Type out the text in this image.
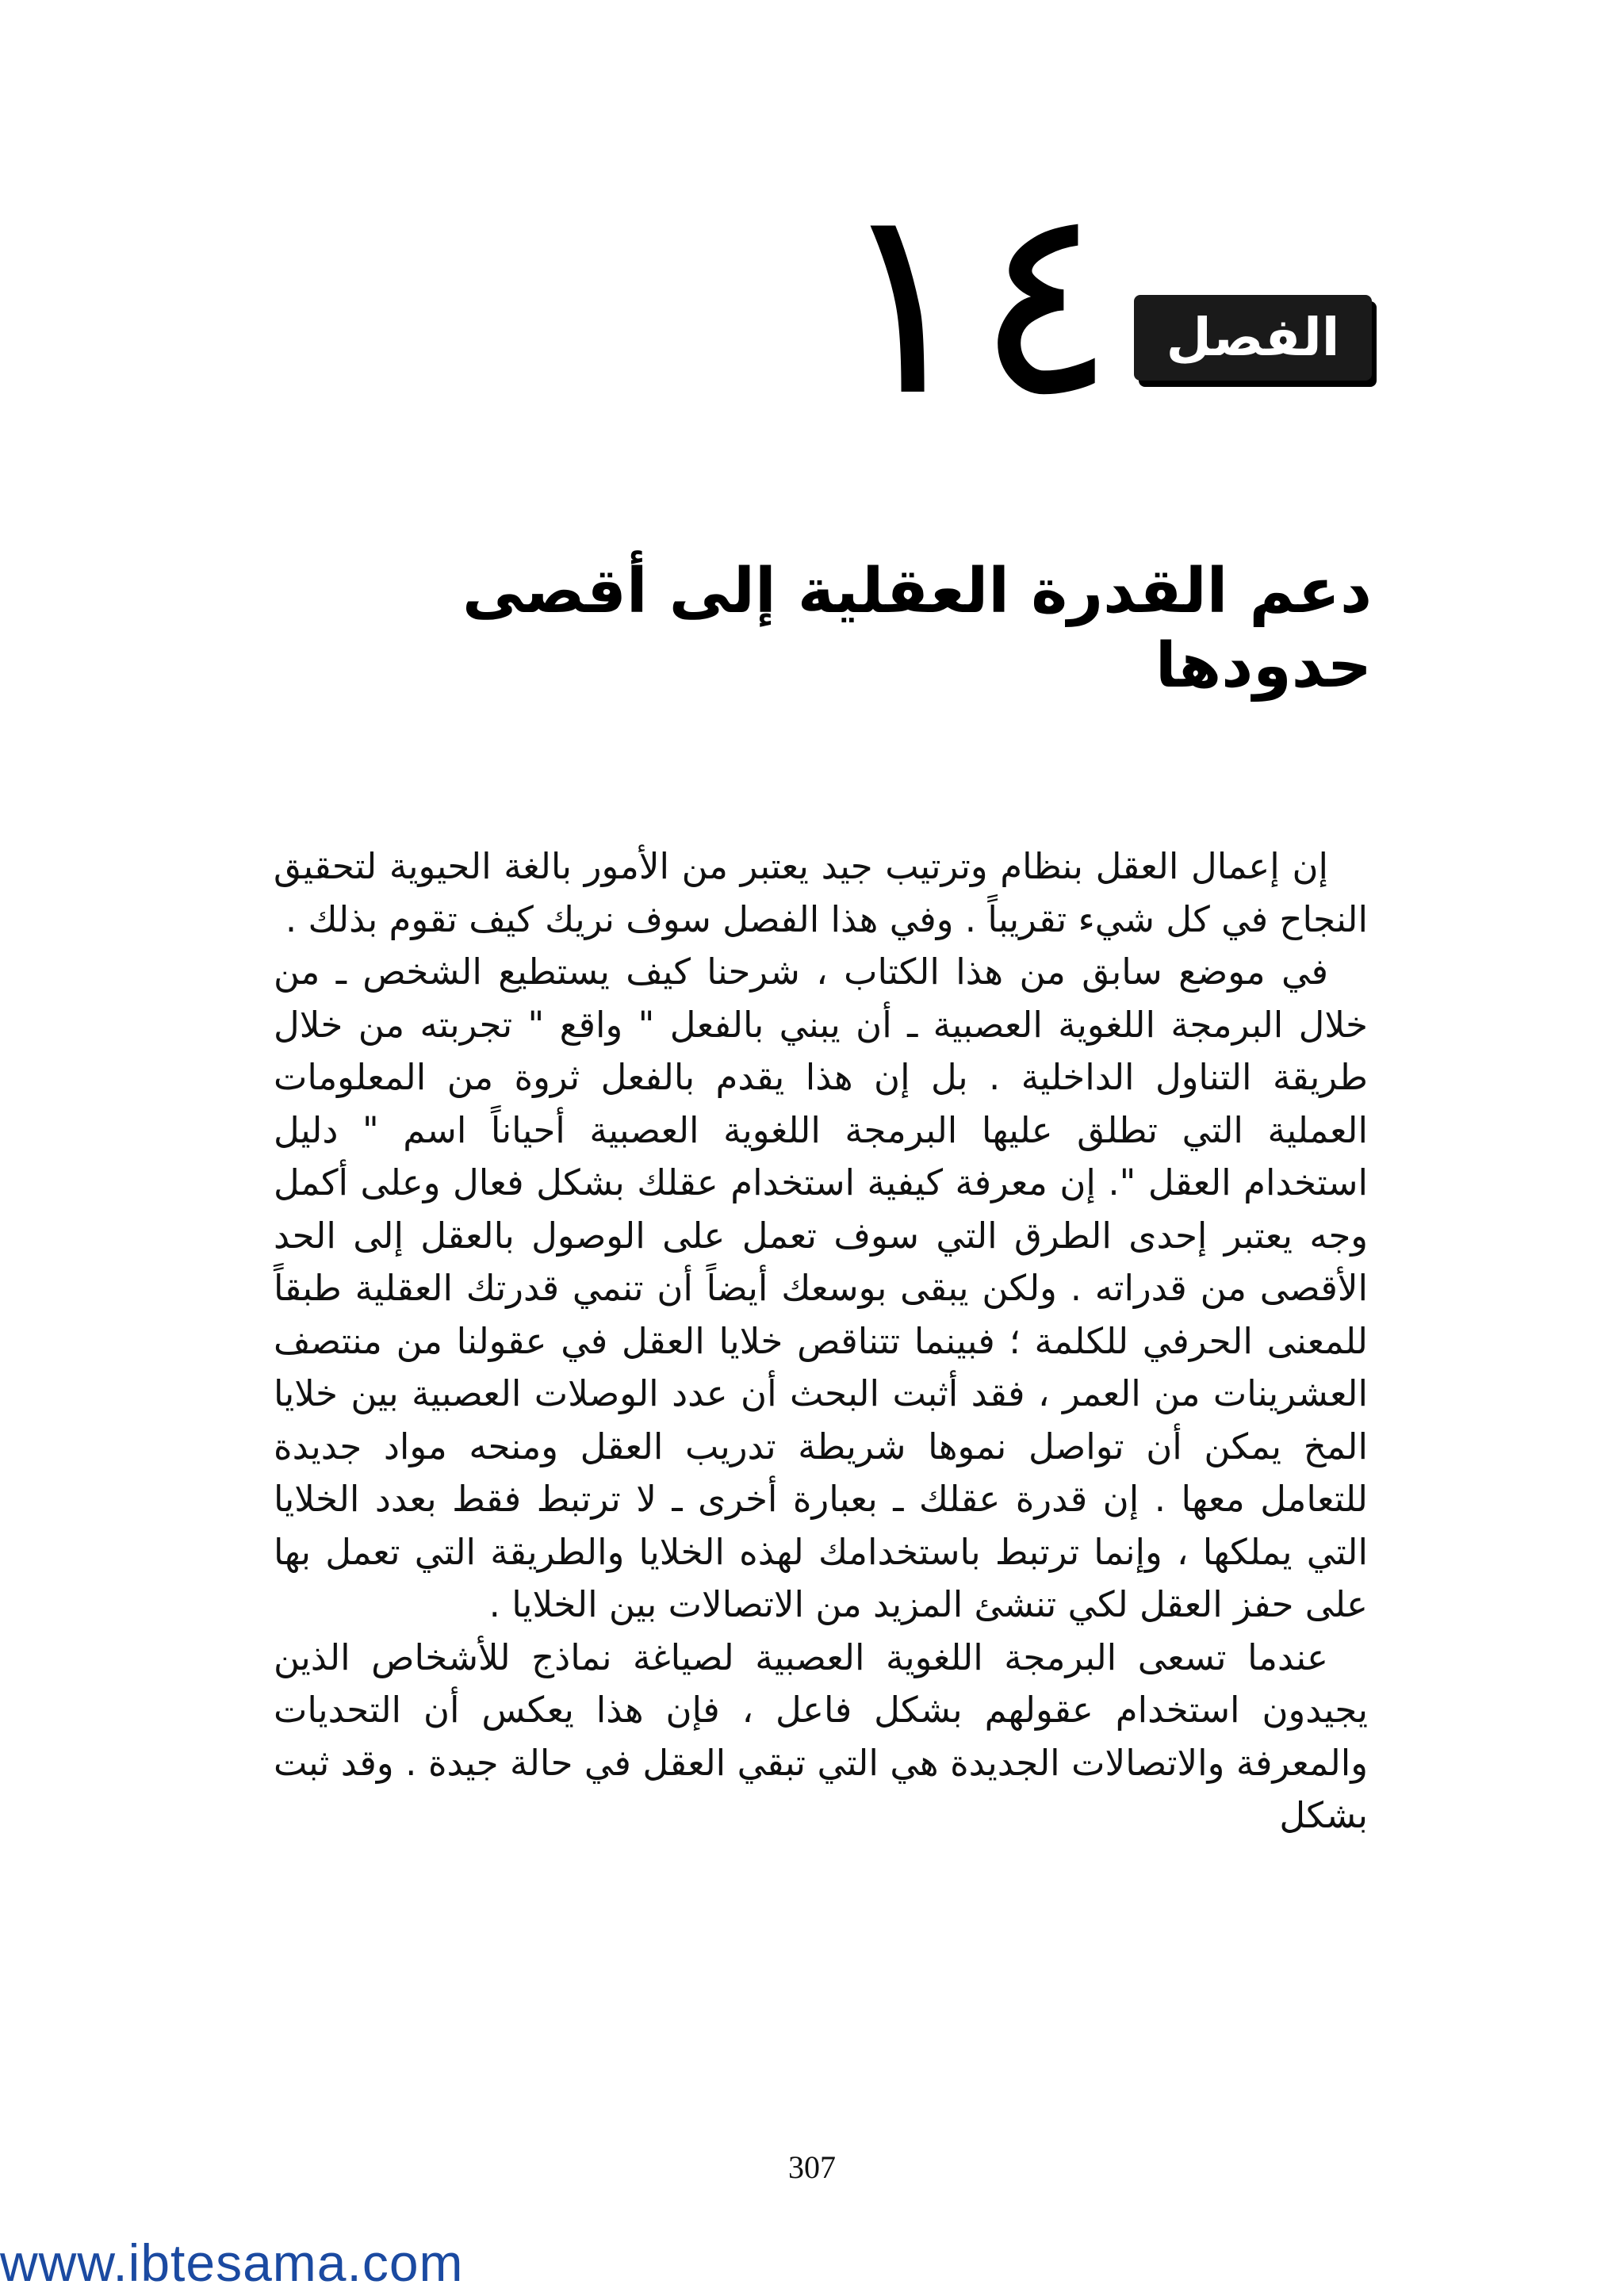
١٤ الفصل
دعم القدرة العقلية إلى أقصى حدودها

إن إعمال العقل بنظام وترتيب جيد يعتبر من الأمور بالغة الحيوية لتحقيق النجاح في كل شيء تقريباً . وفي هذا الفصل سوف نريك كيف تقوم بذلك .

في موضع سابق من هذا الكتاب ، شرحنا كيف يستطيع الشخص ـ من خلال البرمجة اللغوية العصبية ـ أن يبني بالفعل " واقع " تجربته من خلال طريقة التناول الداخلية . بل إن هذا يقدم بالفعل ثروة من المعلومات العملية التي تطلق عليها البرمجة اللغوية العصبية أحياناً اسم " دليل استخدام العقل ". إن معرفة كيفية استخدام عقلك بشكل فعال وعلى أكمل وجه يعتبر إحدى الطرق التي سوف تعمل على الوصول بالعقل إلى الحد الأقصى من قدراته . ولكن يبقى بوسعك أيضاً أن تنمي قدرتك العقلية طبقاً للمعنى الحرفي للكلمة ؛ فبينما تتناقص خلايا العقل في عقولنا من منتصف العشرينات من العمر ، فقد أثبت البحث أن عدد الوصلات العصبية بين خلايا المخ يمكن أن تواصل نموها شريطة تدريب العقل ومنحه مواد جديدة للتعامل معها . إن قدرة عقلك ـ بعبارة أخرى ـ لا ترتبط فقط بعدد الخلايا التي يملكها ، وإنما ترتبط باستخدامك لهذه الخلايا والطريقة التي تعمل بها على حفز العقل لكي تنشئ المزيد من الاتصالات بين الخلايا .

عندما تسعى البرمجة اللغوية العصبية لصياغة نماذج للأشخاص الذين يجيدون استخدام عقولهم بشكل فاعل ، فإن هذا يعكس أن التحديات والمعرفة والاتصالات الجديدة هي التي تبقي العقل في حالة جيدة . وقد ثبت بشكل

307
www.ibtesama.com
